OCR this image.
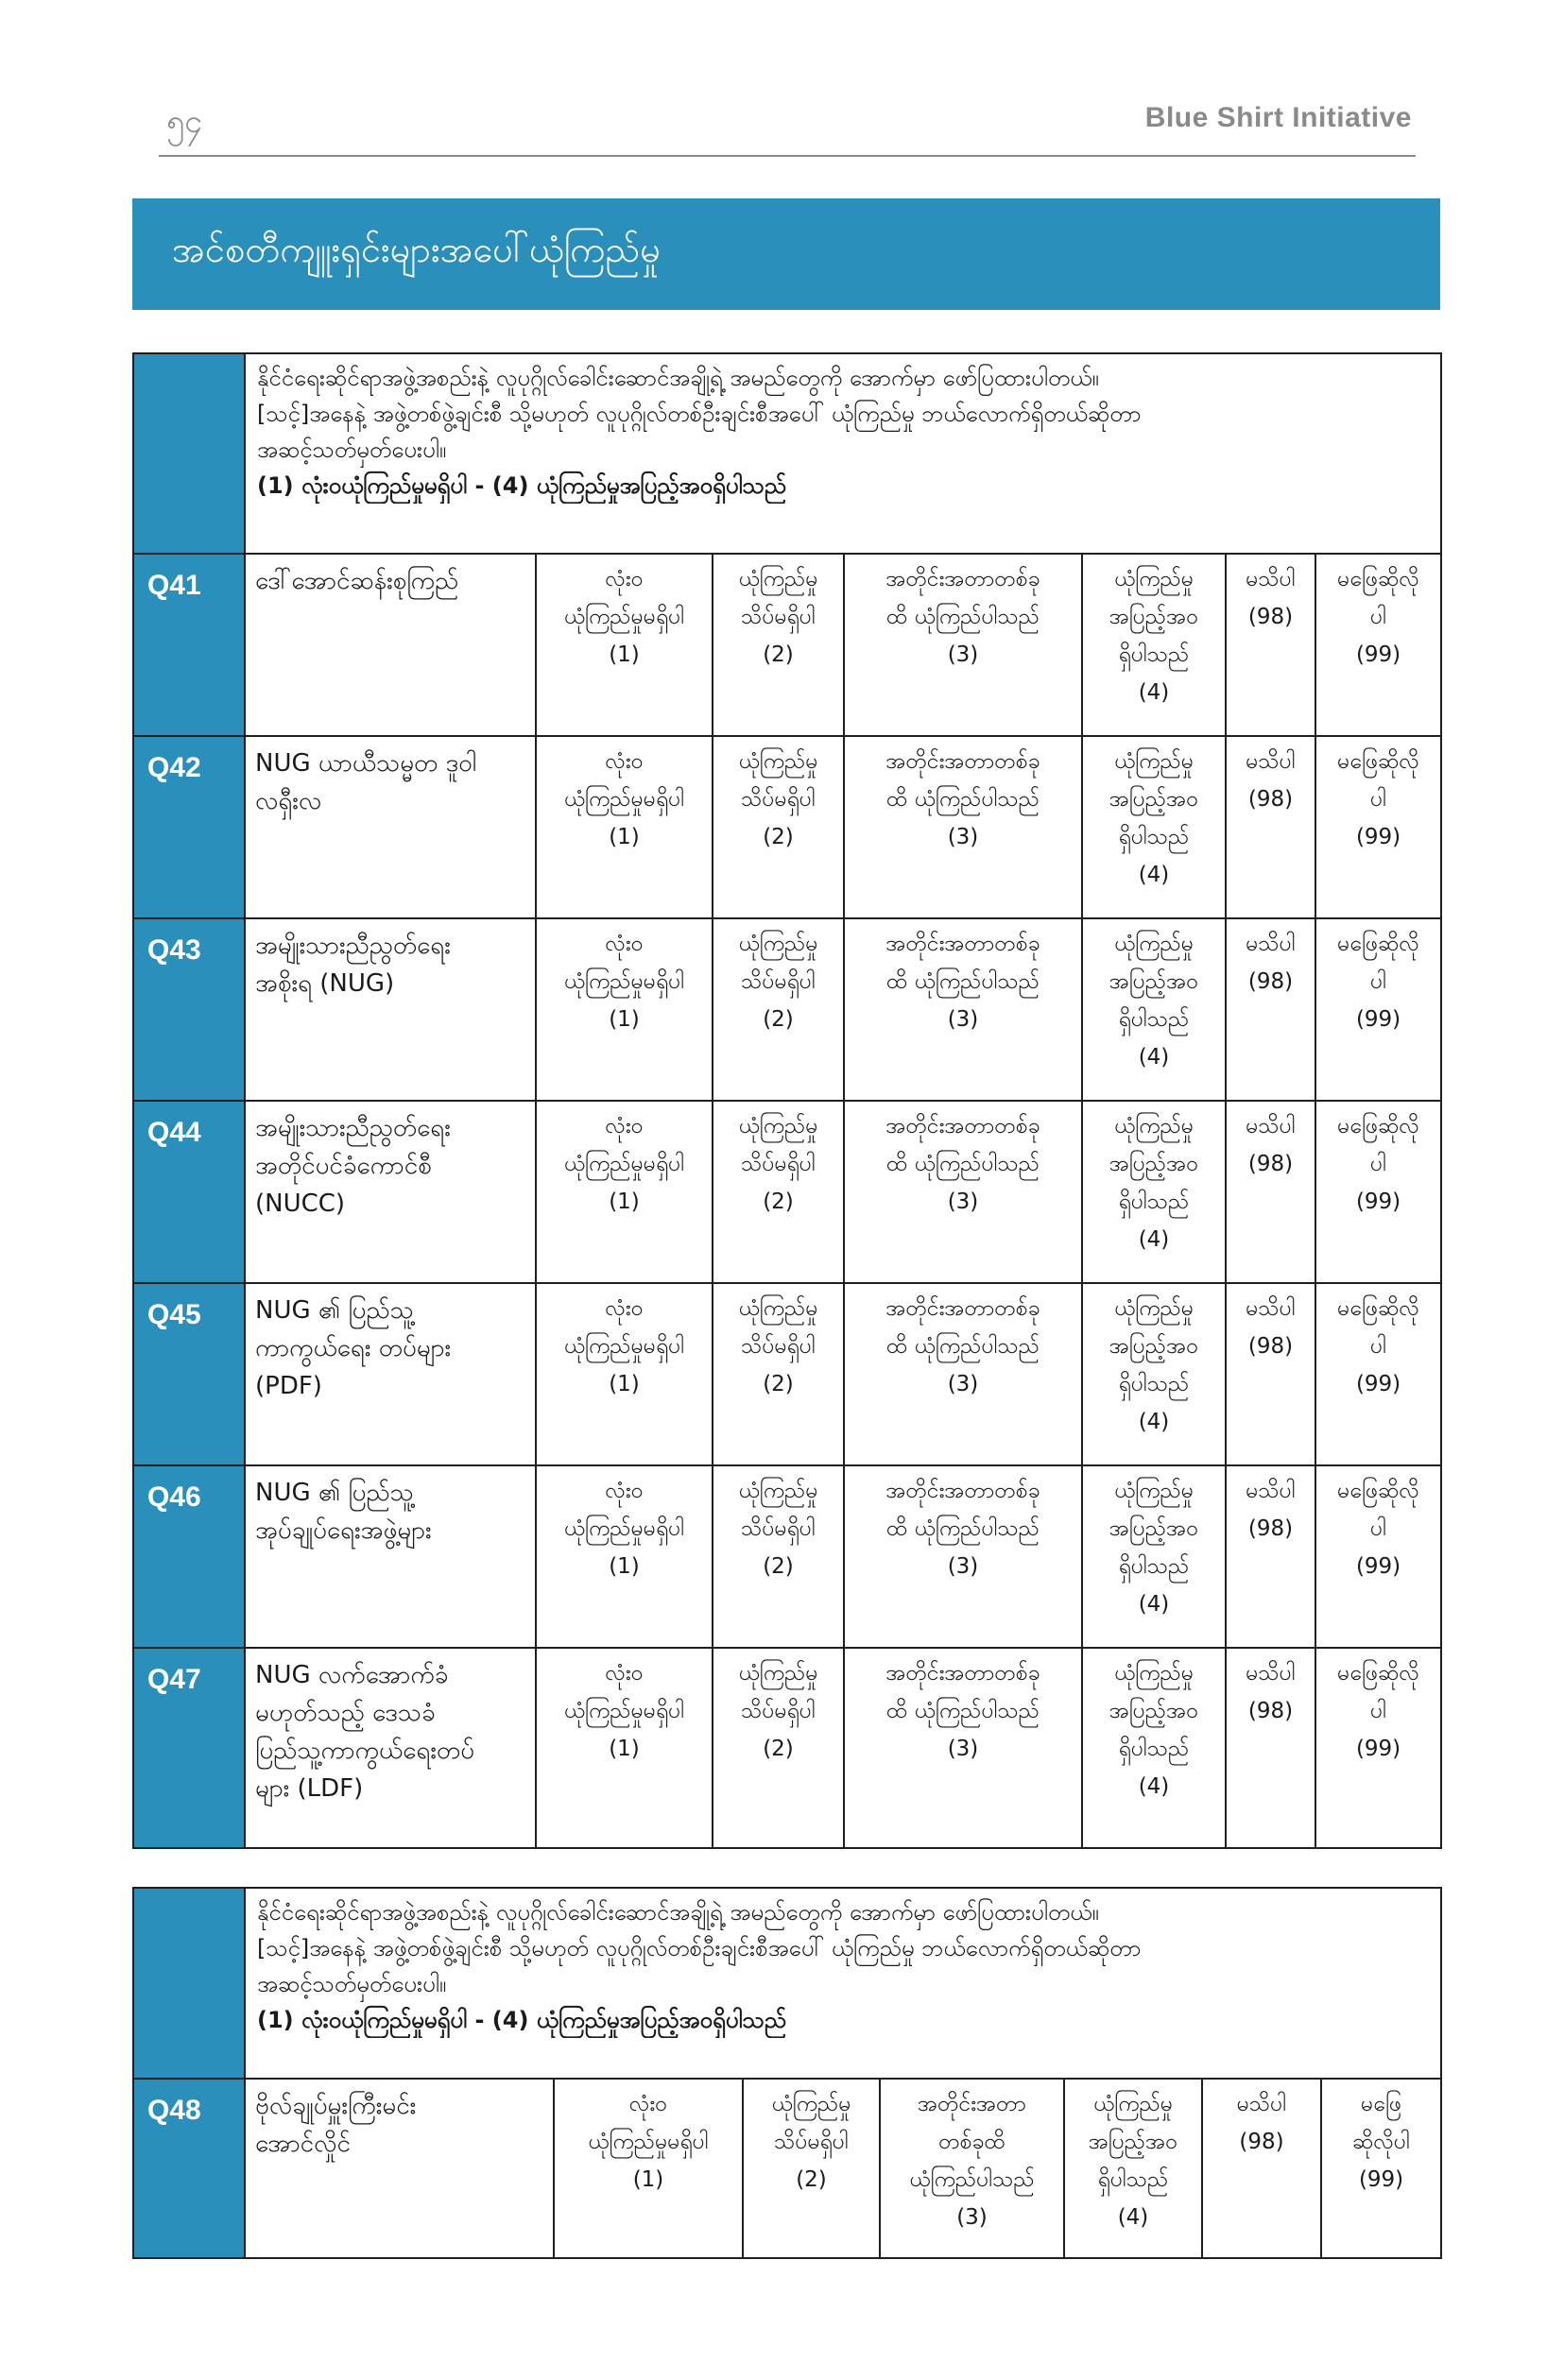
၅၄	Blue Shirt Initiative
အင်စတီကျူးရှင်းများအပေါ်ယုံကြည်မှု

	နိုင်ငံရေးဆိုင်ရာအဖွဲ့အစည်းနဲ့ လူပုဂ္ဂိုလ်ခေါင်းဆောင်အချို့ရဲ့ အမည်တွေကို အောက်မှာ ဖော်ပြထားပါတယ်။
[သင့်]အနေနဲ့ အဖွဲ့တစ်ဖွဲ့ချင်းစီ သို့မဟုတ် လူပုဂ္ဂိုလ်တစ်ဦးချင်းစီအပေါ် ယုံကြည်မှု ဘယ်လောက်ရှိတယ်ဆိုတာ
အဆင့်သတ်မှတ်ပေးပါ။
(1) လုံးဝယုံကြည်မှုမရှိပါ - (4) ယုံကြည်မှုအပြည့်အဝရှိပါသည်						

Q41	ဒေါ်အောင်ဆန်းစုကြည်	လုံးဝ
ယုံကြည်မှုမရှိပါ
(1)	ယုံကြည်မှု
သိပ်မရှိပါ
(2)	အတိုင်းအတာတစ်ခု
ထိ ယုံကြည်ပါသည်
(3)	ယုံကြည်မှု
အပြည့်အဝ
ရှိပါသည်
(4)	မသိပါ
(98)	မဖြေဆိုလို
ပါ
(99)

Q42	NUG ယာယီသမ္မတ ဒူဝါ
လရှီးလ	လုံးဝ
ယုံကြည်မှုမရှိပါ
(1)	ယုံကြည်မှု
သိပ်မရှိပါ
(2)	အတိုင်းအတာတစ်ခု
ထိ ယုံကြည်ပါသည်
(3)	ယုံကြည်မှု
အပြည့်အဝ
ရှိပါသည်
(4)	မသိပါ
(98)	မဖြေဆိုလို
ပါ
(99)

Q43	အမျိုးသားညီညွတ်ရေး
အစိုးရ (NUG)	လုံးဝ
ယုံကြည်မှုမရှိပါ
(1)	ယုံကြည်မှု
သိပ်မရှိပါ
(2)	အတိုင်းအတာတစ်ခု
ထိ ယုံကြည်ပါသည်
(3)	ယုံကြည်မှု
အပြည့်အဝ
ရှိပါသည်
(4)	မသိပါ
(98)	မဖြေဆိုလို
ပါ
(99)

Q44	အမျိုးသားညီညွတ်ရေး
အတိုင်ပင်ခံကောင်စီ
(NUCC)	လုံးဝ
ယုံကြည်မှုမရှိပါ
(1)	ယုံကြည်မှု
သိပ်မရှိပါ
(2)	အတိုင်းအတာတစ်ခု
ထိ ယုံကြည်ပါသည်
(3)	ယုံကြည်မှု
အပြည့်အဝ
ရှိပါသည်
(4)	မသိပါ
(98)	မဖြေဆိုလို
ပါ
(99)

Q45	NUG ၏ ပြည်သူ့
ကာကွယ်ရေး တပ်များ
(PDF)	လုံးဝ
ယုံကြည်မှုမရှိပါ
(1)	ယုံကြည်မှု
သိပ်မရှိပါ
(2)	အတိုင်းအတာတစ်ခု
ထိ ယုံကြည်ပါသည်
(3)	ယုံကြည်မှု
အပြည့်အဝ
ရှိပါသည်
(4)	မသိပါ
(98)	မဖြေဆိုလို
ပါ
(99)

Q46	NUG ၏ ပြည်သူ့
အုပ်ချုပ်ရေးအဖွဲ့များ	လုံးဝ
ယုံကြည်မှုမရှိပါ
(1)	ယုံကြည်မှု
သိပ်မရှိပါ
(2)	အတိုင်းအတာတစ်ခု
ထိ ယုံကြည်ပါသည်
(3)	ယုံကြည်မှု
အပြည့်အဝ
ရှိပါသည်
(4)	မသိပါ
(98)	မဖြေဆိုလို
ပါ
(99)

Q47	NUG လက်အောက်ခံ
မဟုတ်သည့် ဒေသခံ
ပြည်သူ့ကာကွယ်ရေးတပ်
များ (LDF)	လုံးဝ
ယုံကြည်မှုမရှိပါ
(1)	ယုံကြည်မှု
သိပ်မရှိပါ
(2)	အတိုင်းအတာတစ်ခု
ထိ ယုံကြည်ပါသည်
(3)	ယုံကြည်မှု
အပြည့်အဝ
ရှိပါသည်
(4)	မသိပါ
(98)	မဖြေဆိုလို
ပါ
(99)

	နိုင်ငံရေးဆိုင်ရာအဖွဲ့အစည်းနဲ့ လူပုဂ္ဂိုလ်ခေါင်းဆောင်အချို့ရဲ့ အမည်တွေကို အောက်မှာ ဖော်ပြထားပါတယ်။
[သင့်]အနေနဲ့ အဖွဲ့တစ်ဖွဲ့ချင်းစီ သို့မဟုတ် လူပုဂ္ဂိုလ်တစ်ဦးချင်းစီအပေါ် ယုံကြည်မှု ဘယ်လောက်ရှိတယ်ဆိုတာ
အဆင့်သတ်မှတ်ပေးပါ။
(1) လုံးဝယုံကြည်မှုမရှိပါ - (4) ယုံကြည်မှုအပြည့်အဝရှိပါသည်						

Q48	ဗိုလ်ချုပ်မှူးကြီးမင်း
အောင်လှိုင်	လုံးဝ
ယုံကြည်မှုမရှိပါ
(1)	ယုံကြည်မှု
သိပ်မရှိပါ
(2)	အတိုင်းအတာ
တစ်ခုထိ
ယုံကြည်ပါသည်
(3)	ယုံကြည်မှု
အပြည့်အဝ
ရှိပါသည်
(4)	မသိပါ
(98)	မဖြေ
ဆိုလိုပါ
(99)
